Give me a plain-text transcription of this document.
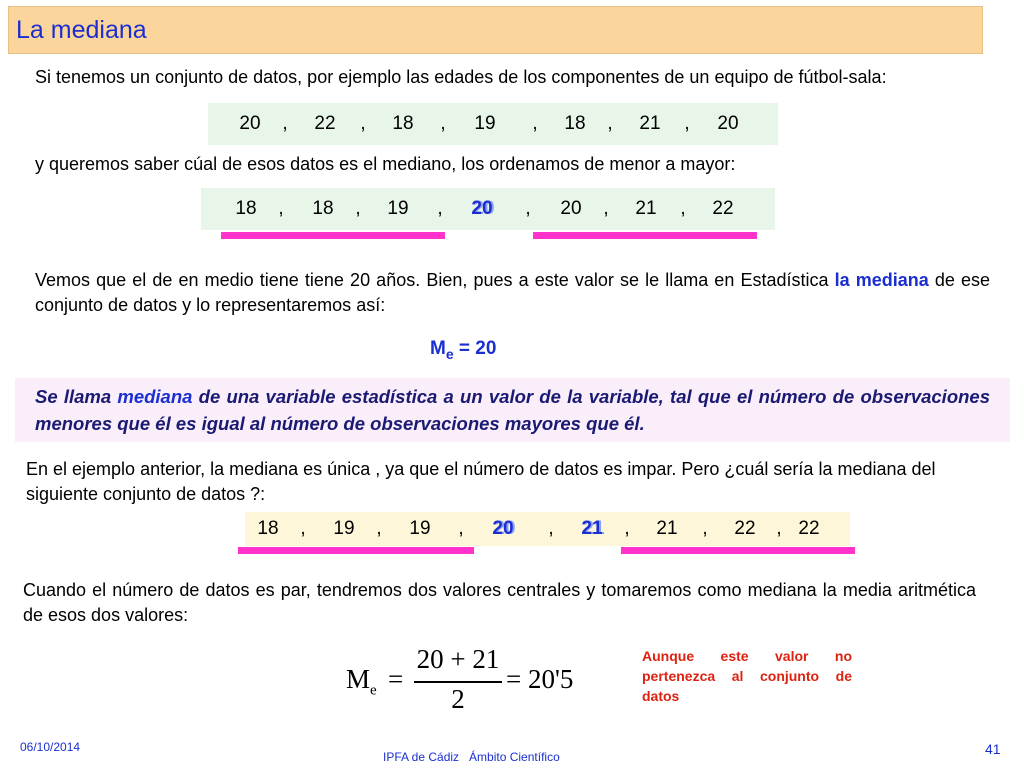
La mediana
Si tenemos un conjunto de datos, por ejemplo las edades de los componentes de un equipo de fútbol-sala:
20 , 22 , 18 , 19 , 18 , 21 , 20
y queremos saber cúal de esos datos es el mediano, los ordenamos de menor a mayor:
18 , 18 , 19 , 20 , 20 , 21 , 22
Vemos que el de en medio tiene tiene 20 años. Bien, pues a este valor se le llama en Estadística la mediana de ese conjunto de datos y lo representaremos así:
$M_e = 20$
Se llama mediana de una variable estadística a un valor de la variable, tal que el número de observaciones menores que él es igual al número de observaciones mayores que él.
En el ejemplo anterior, la mediana es única , ya que el número de datos es impar. Pero ¿cuál sería la mediana del siguiente conjunto de datos ?:
18 , 19 , 19 , 20 , 21 , 21 , 22 , 22
Cuando el número de datos es par, tendremos dos valores centrales y tomaremos como mediana la media aritmética de esos dos valores:
$M_e$ =
20 + 21
2
= 20'5
Aunque este valor no pertenezca al conjunto de datos
06/10/2014
IPFA de Cádiz   Ámbito Científico	41
